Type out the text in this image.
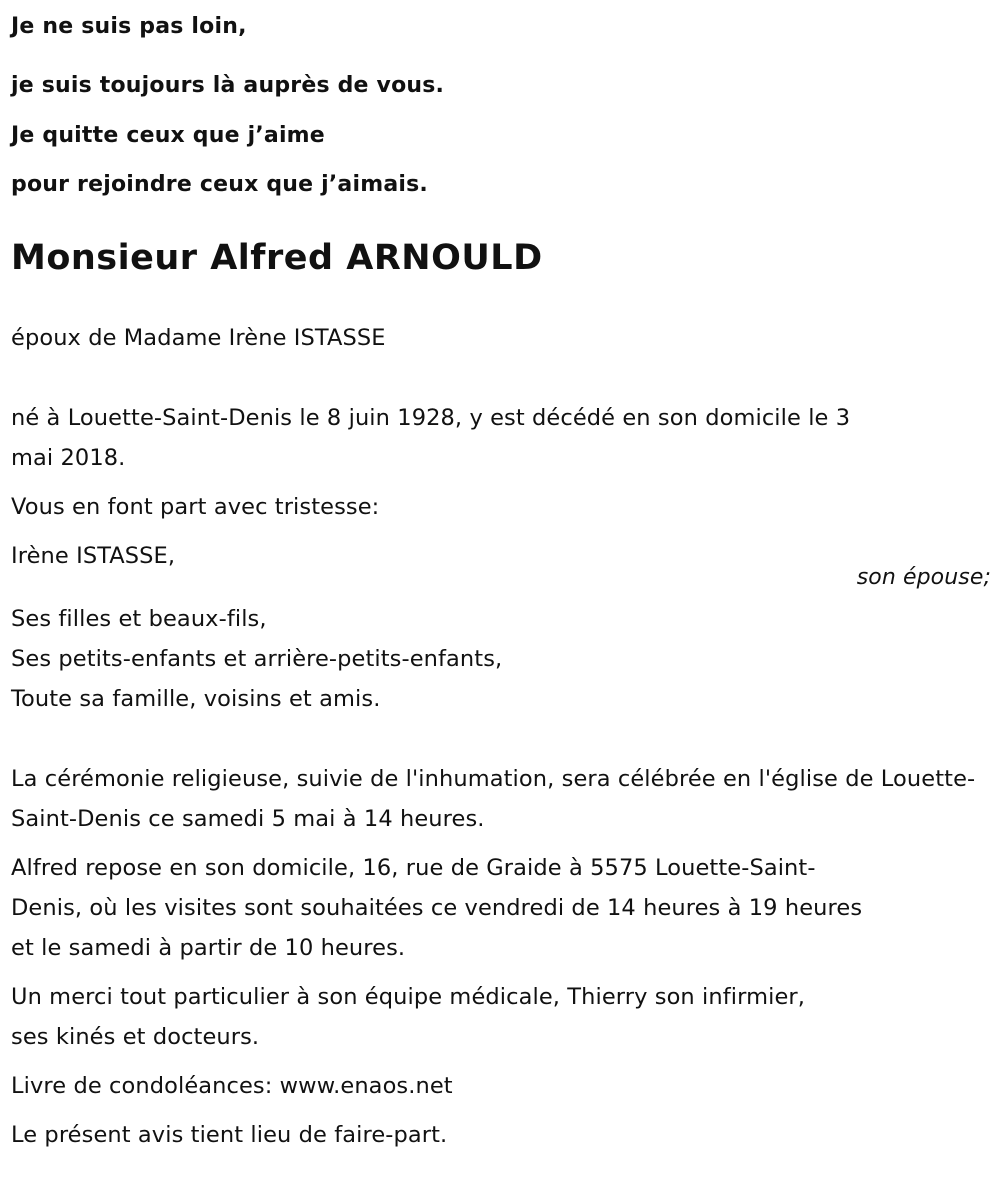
Je ne suis pas loin,
je suis toujours là auprès de vous.
Je quitte ceux que j’aime
pour rejoindre ceux que j’aimais.
Monsieur Alfred ARNOULD

époux de Madame Irène ISTASSE

né à Louette-Saint-Denis le 8 juin 1928, y est décédé en son domicile le 3
mai 2018.

Vous en font part avec tristesse:

Irène ISTASSE,
son épouse;

Ses filles et beaux-fils,
Ses petits-enfants et arrière-petits-enfants,
Toute sa famille, voisins et amis.

La cérémonie religieuse, suivie de l'inhumation, sera célébrée en l'église de Louette-Saint-Denis ce samedi 5 mai à 14 heures.

Alfred repose en son domicile, 16, rue de Graide à 5575 Louette-Saint-
Denis, où les visites sont souhaitées ce vendredi de 14 heures à 19 heures
et le samedi à partir de 10 heures.

Un merci tout particulier à son équipe médicale, Thierry son infirmier,
ses kinés et docteurs.

Livre de condoléances: www.enaos.net

Le présent avis tient lieu de faire-part.
